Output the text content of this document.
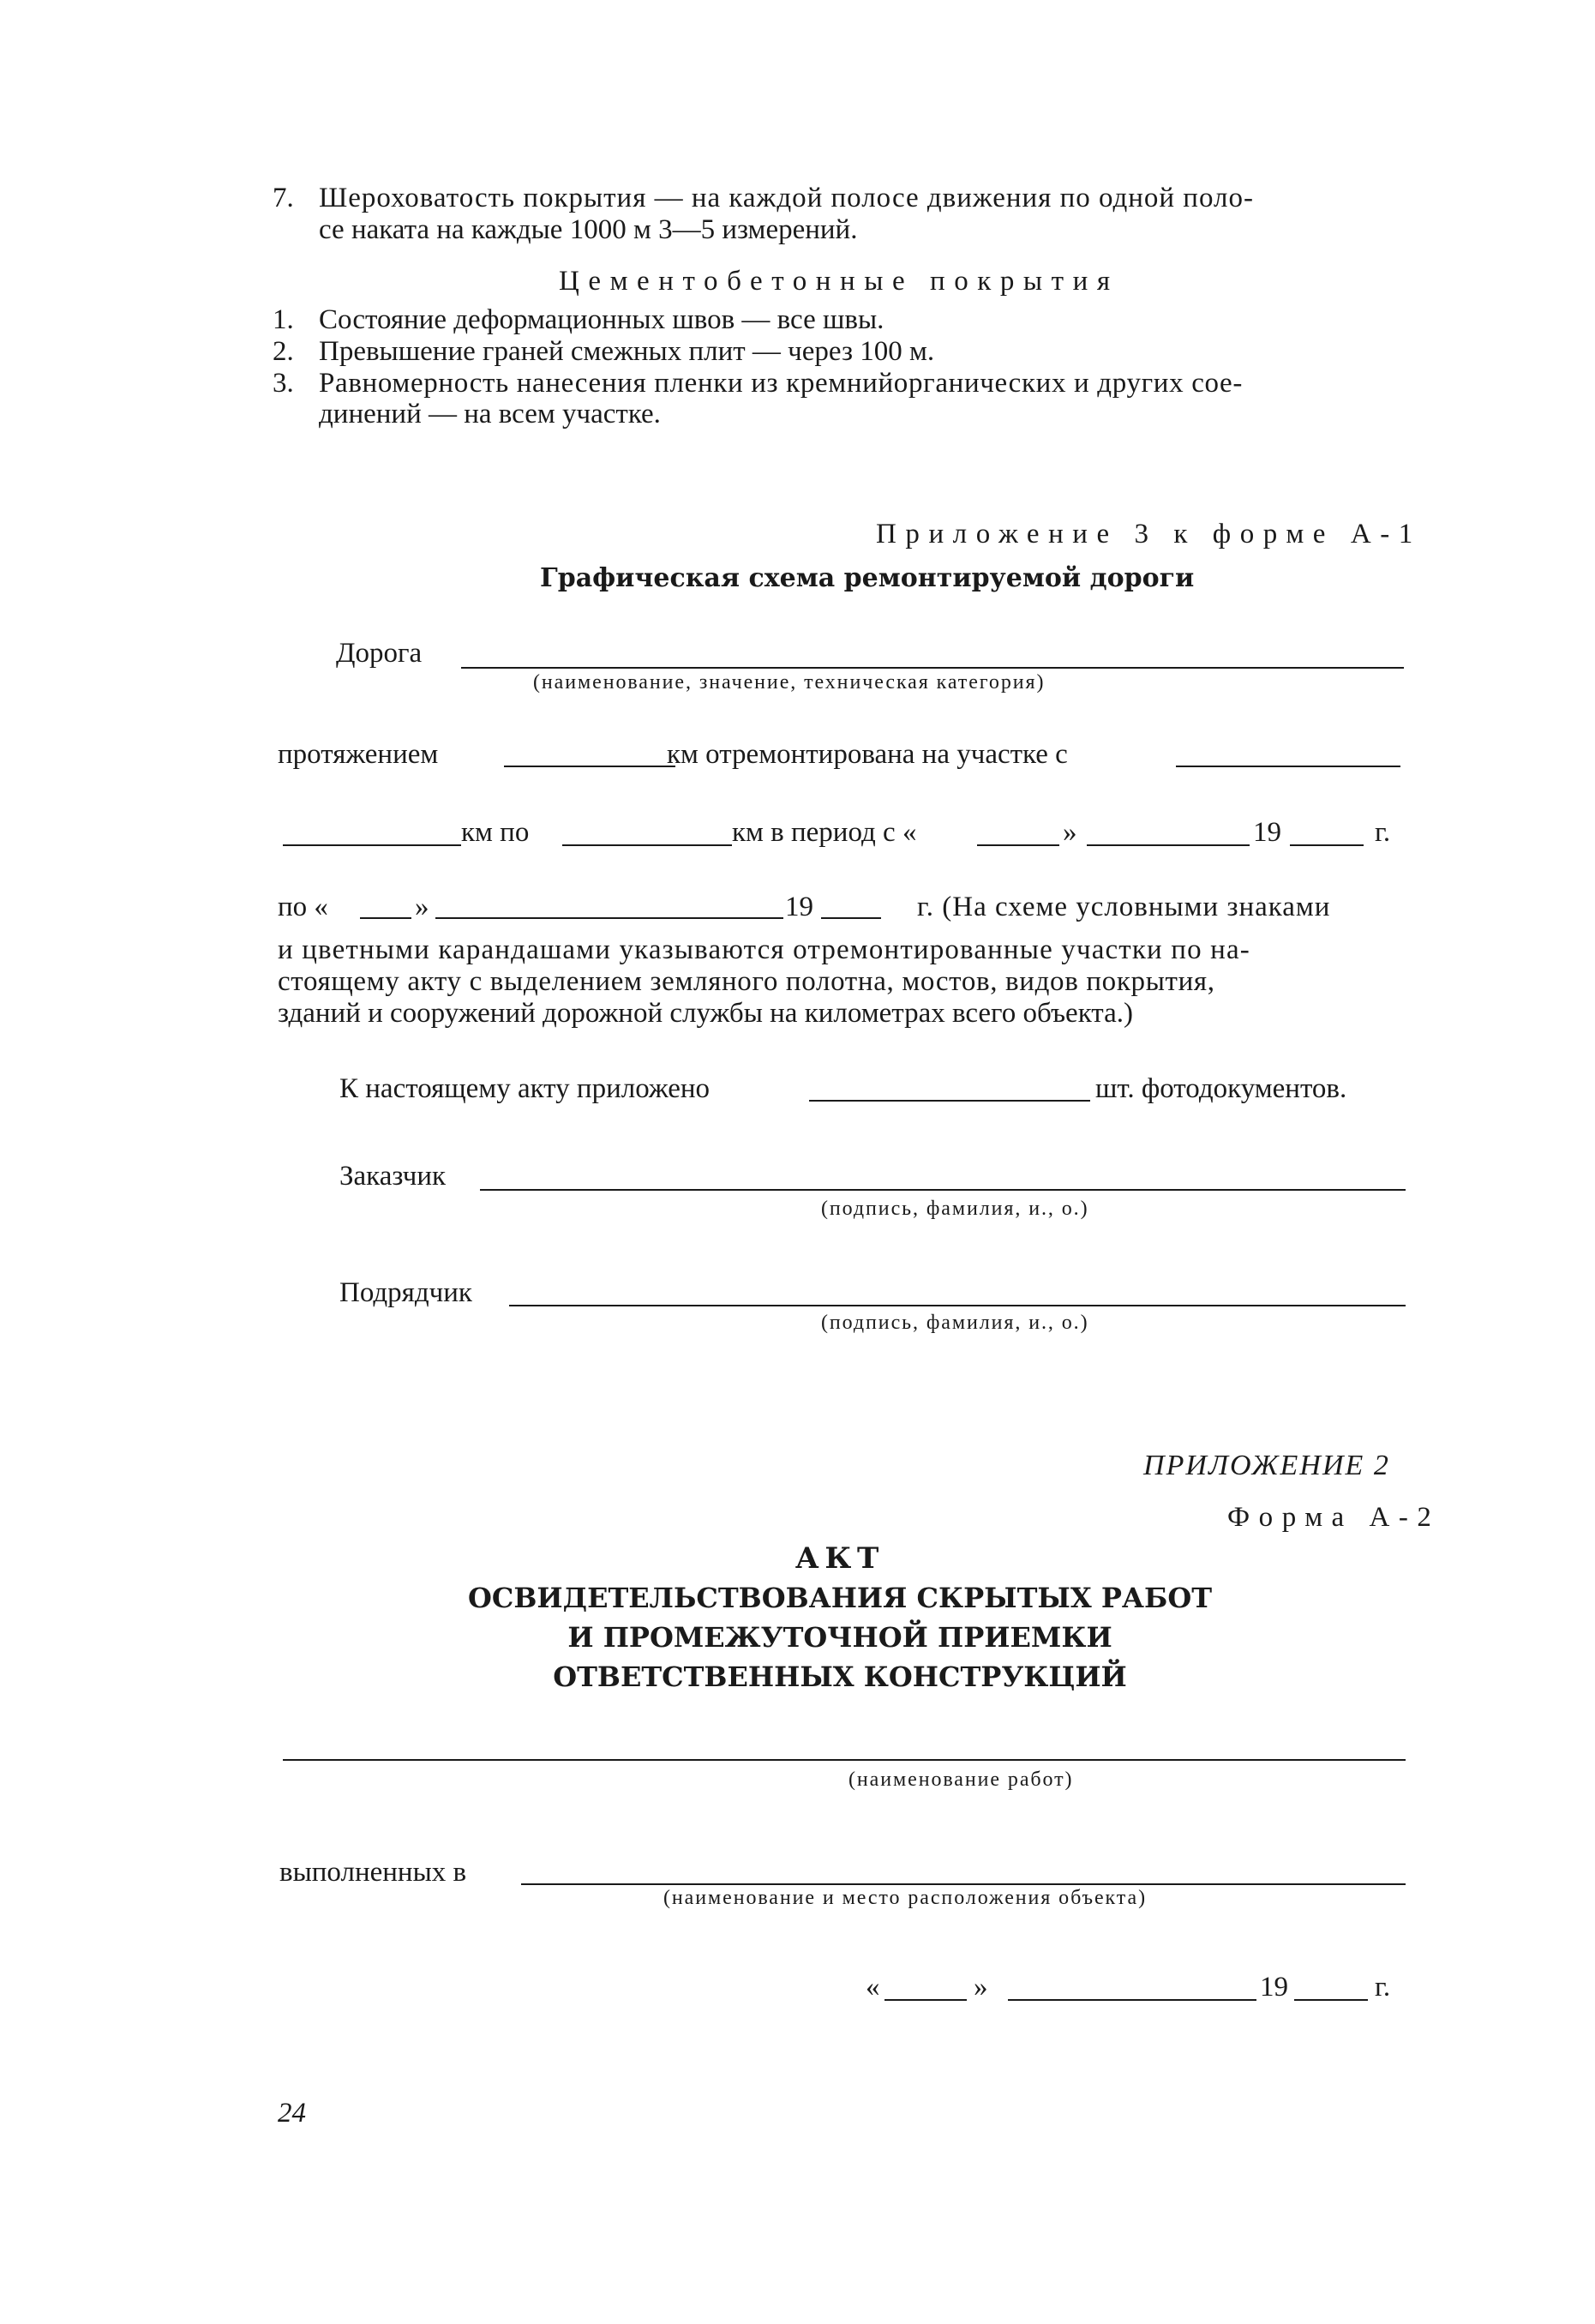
7. Шероховатость покрытия — на каждой полосе движения по одной поло-
се наката на каждые 1000 м 3—5 измерений.
Цементобетонные покрытия
1. Состояние деформационных швов — все швы.
2. Превышение граней смежных плит — через 100 м.
3. Равномерность нанесения пленки из кремнийорганических и других сое-
динений — на всем участке.
Приложение 3 к форме А-1
Графическая схема ремонтируемой дороги
Дорога
(наименование, значение, техническая категория)
протяжением	км отремонтирована на участке с
км по	км в период с «	»	19	г.
по «	»	19	г. (На схеме условными знаками
и цветными карандашами указываются отремонтированные участки по на-
стоящему акту с выделением земляного полотна, мостов, видов покрытия,
зданий и сооружений дорожной службы на километрах всего объекта.)
К настоящему акту приложено	шт. фотодокументов.
Заказчик
(подпись, фамилия, и., о.)
Подрядчик
(подпись, фамилия, и., о.)
ПРИЛОЖЕНИЕ 2
Форма А-2
АКТ
ОСВИДЕТЕЛЬСТВОВАНИЯ СКРЫТЫХ РАБОТ
И ПРОМЕЖУТОЧНОЙ ПРИЕМКИ
ОТВЕТСТВЕННЫХ КОНСТРУКЦИЙ
(наименование работ)
выполненных в
(наименование и место расположения объекта)
«	»	19	г.
24
